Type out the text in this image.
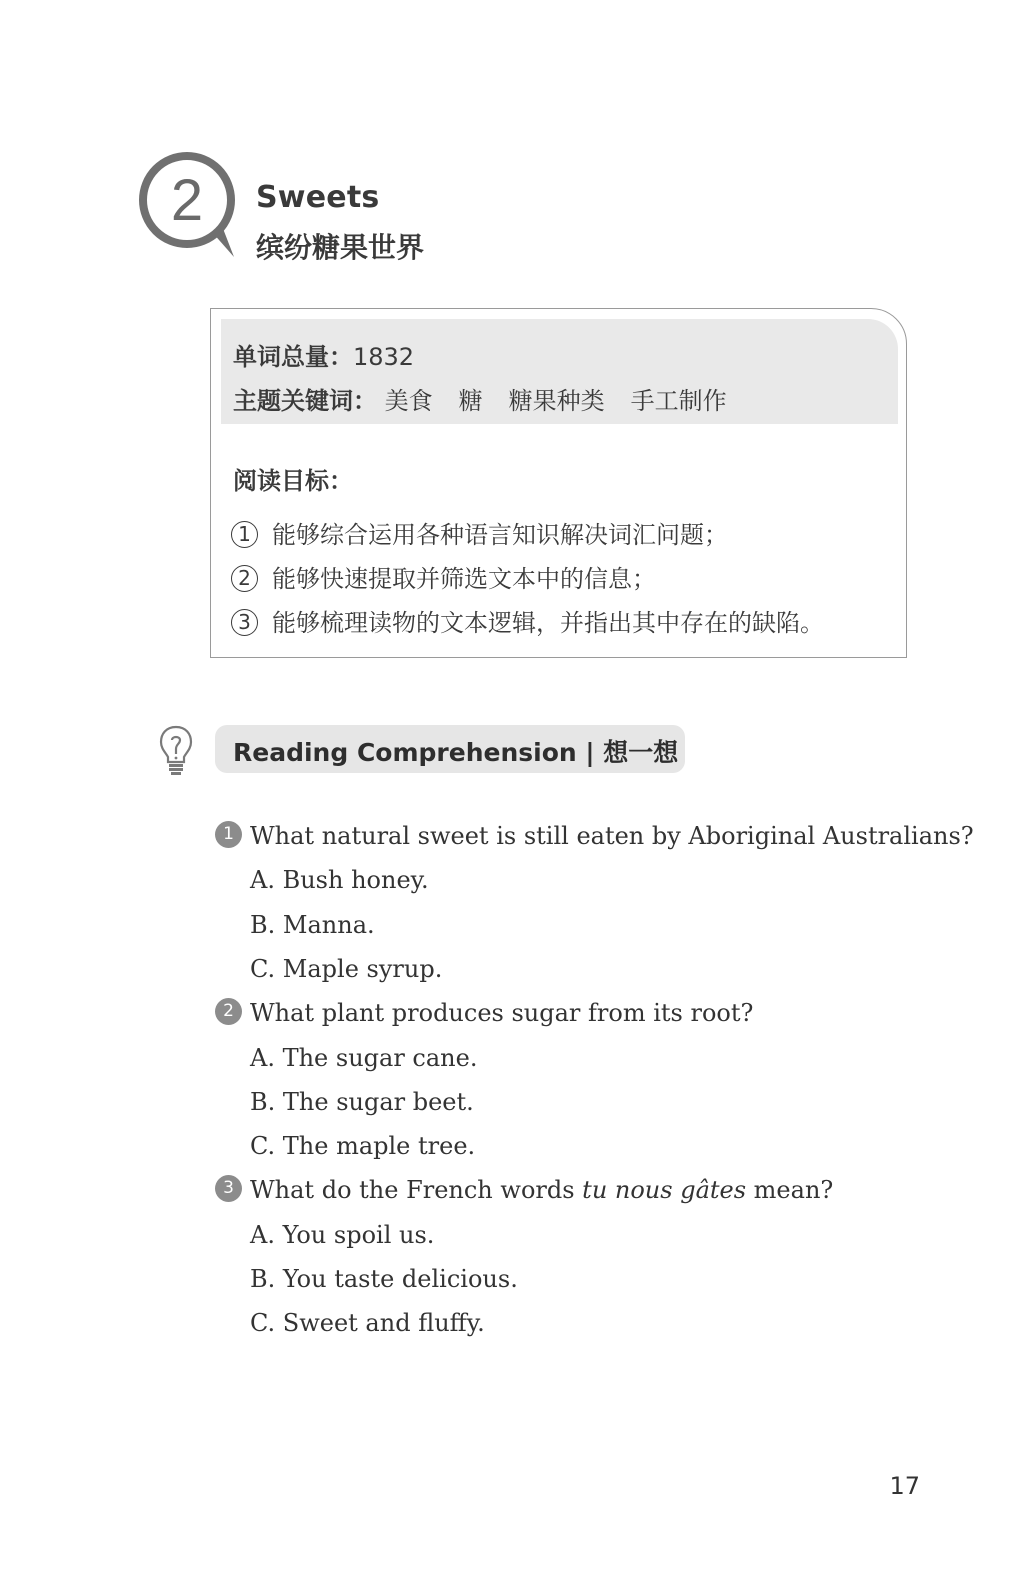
2 Sweets
缤纷糖果世界
单词总量：1832
主题关键词： 美食 糖 糖果种类 手工制作
阅读目标：
1 能够综合运用各种语言知识解决词汇问题；
2 能够快速提取并筛选文本中的信息；
3 能够梳理读物的文本逻辑，并指出其中存在的缺陷。
Reading Comprehension | 想一想
1 What natural sweet is still eaten by Aboriginal Australians?
A. Bush honey.
B. Manna.
C. Maple syrup.
2 What plant produces sugar from its root?
A. The sugar cane.
B. The sugar beet.
C. The maple tree.
3 What do the French words tu nous gâtes mean?
A. You spoil us.
B. You taste delicious.
C. Sweet and fluffy.
17
